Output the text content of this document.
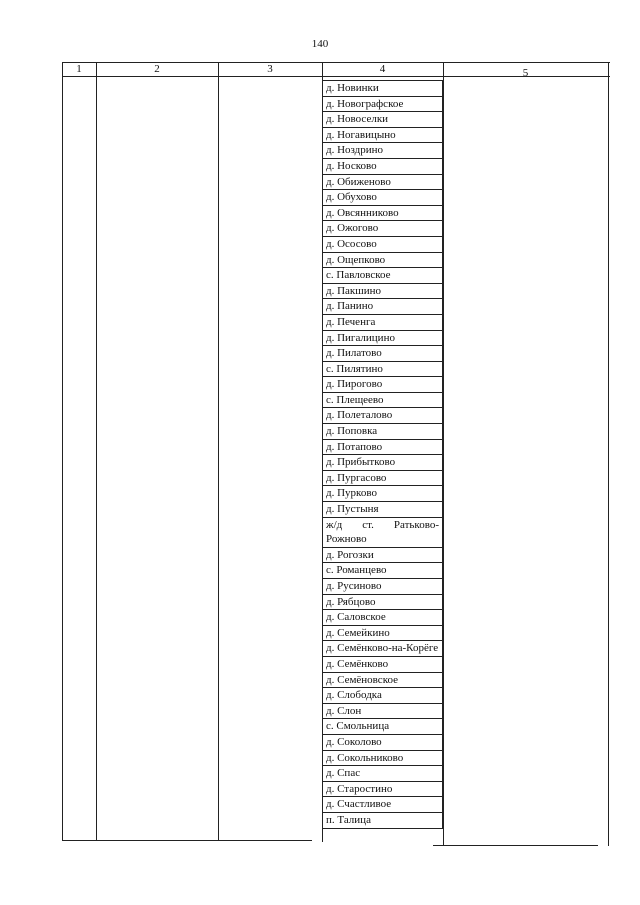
140
1	2	3	4	5
д. Новинки
д. Новографское
д. Новоселки
д. Ногавицыно
д. Ноздрино
д. Носково
д. Обиженово
д. Обухово
д. Овсянниково
д. Ожогово
д. Ососово
д. Ощепково
с. Павловское
д. Пакшино
д. Панино
д. Печенга
д. Пигалицино
д. Пилатово
с. Пилятино
д. Пирогово
с. Плещеево
д. Полеталово
д. Поповка
д. Потапово
д. Прибытково
д. Пургасово
д. Пурково
д. Пустыня
ж/д ст. Ратьково-Рожново
д. Рогозки
с. Романцево
д. Русиново
д. Рябцово
д. Саловское
д. Семейкино
д. Семёнково-на-Корёге
д. Семёнково
д. Семёновское
д. Слободка
д. Слон
с. Смольница
д. Соколово
д. Сокольниково
д. Спас
д. Старостино
д. Счастливое
п. Талица
